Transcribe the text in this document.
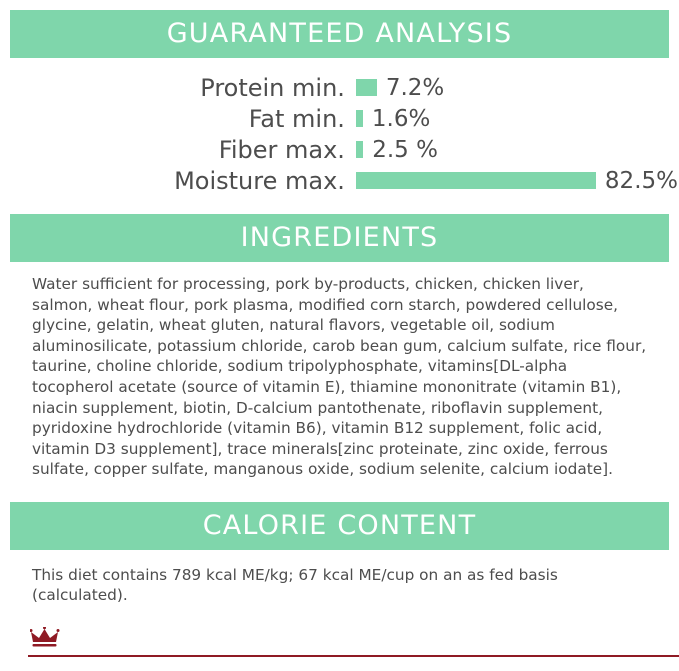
GUARANTEED ANALYSIS
Protein min.	7.2%
Fat min.	1.6%
Fiber max.	2.5 %
Moisture max.	82.5%
INGREDIENTS
Water sufficient for processing, pork by-products, chicken, chicken liver, salmon, wheat flour, pork plasma, modified corn starch, powdered cellulose, glycine, gelatin, wheat gluten, natural flavors, vegetable oil, sodium aluminosilicate, potassium chloride, carob bean gum, calcium sulfate, rice flour, taurine, choline chloride, sodium tripolyphosphate, vitamins[DL-alpha tocopherol acetate (source of vitamin E), thiamine mononitrate (vitamin B1), niacin supplement, biotin, D-calcium pantothenate, riboflavin supplement, pyridoxine hydrochloride (vitamin B6), vitamin B12 supplement, folic acid, vitamin D3 supplement], trace minerals[zinc proteinate, zinc oxide, ferrous sulfate, copper sulfate, manganous oxide, sodium selenite, calcium iodate].
CALORIE CONTENT
This diet contains 789 kcal ME/kg; 67 kcal ME/cup on an as fed basis (calculated).
